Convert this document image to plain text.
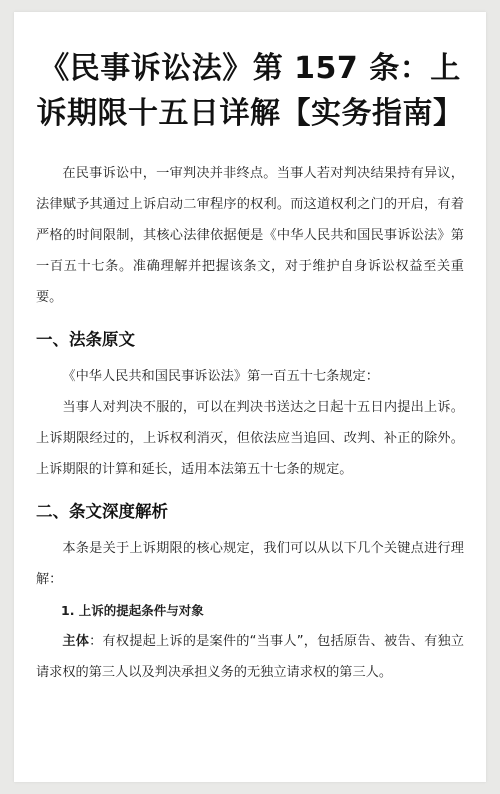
《民事诉讼法》第 157 条：上诉期限十五日详解【实务指南】

在民事诉讼中，一审判决并非终点。当事人若对判决结果持有异议，法律赋予其通过上诉启动二审程序的权利。而这道权利之门的开启，有着严格的时间限制，其核心法律依据便是《中华人民共和国民事诉讼法》第一百五十七条。准确理解并把握该条文，对于维护自身诉讼权益至关重要。

一、法条原文

《中华人民共和国民事诉讼法》第一百五十七条规定：

当事人对判决不服的，可以在判决书送达之日起十五日内提出上诉。上诉期限经过的，上诉权利消灭，但依法应当追回、改判、补正的除外。上诉期限的计算和延长，适用本法第五十七条的规定。

二、条文深度解析

本条是关于上诉期限的核心规定，我们可以从以下几个关键点进行理解：

1. 上诉的提起条件与对象

主体：有权提起上诉的是案件的“当事人”，包括原告、被告、有独立请求权的第三人以及判决承担义务的无独立请求权的第三人。
